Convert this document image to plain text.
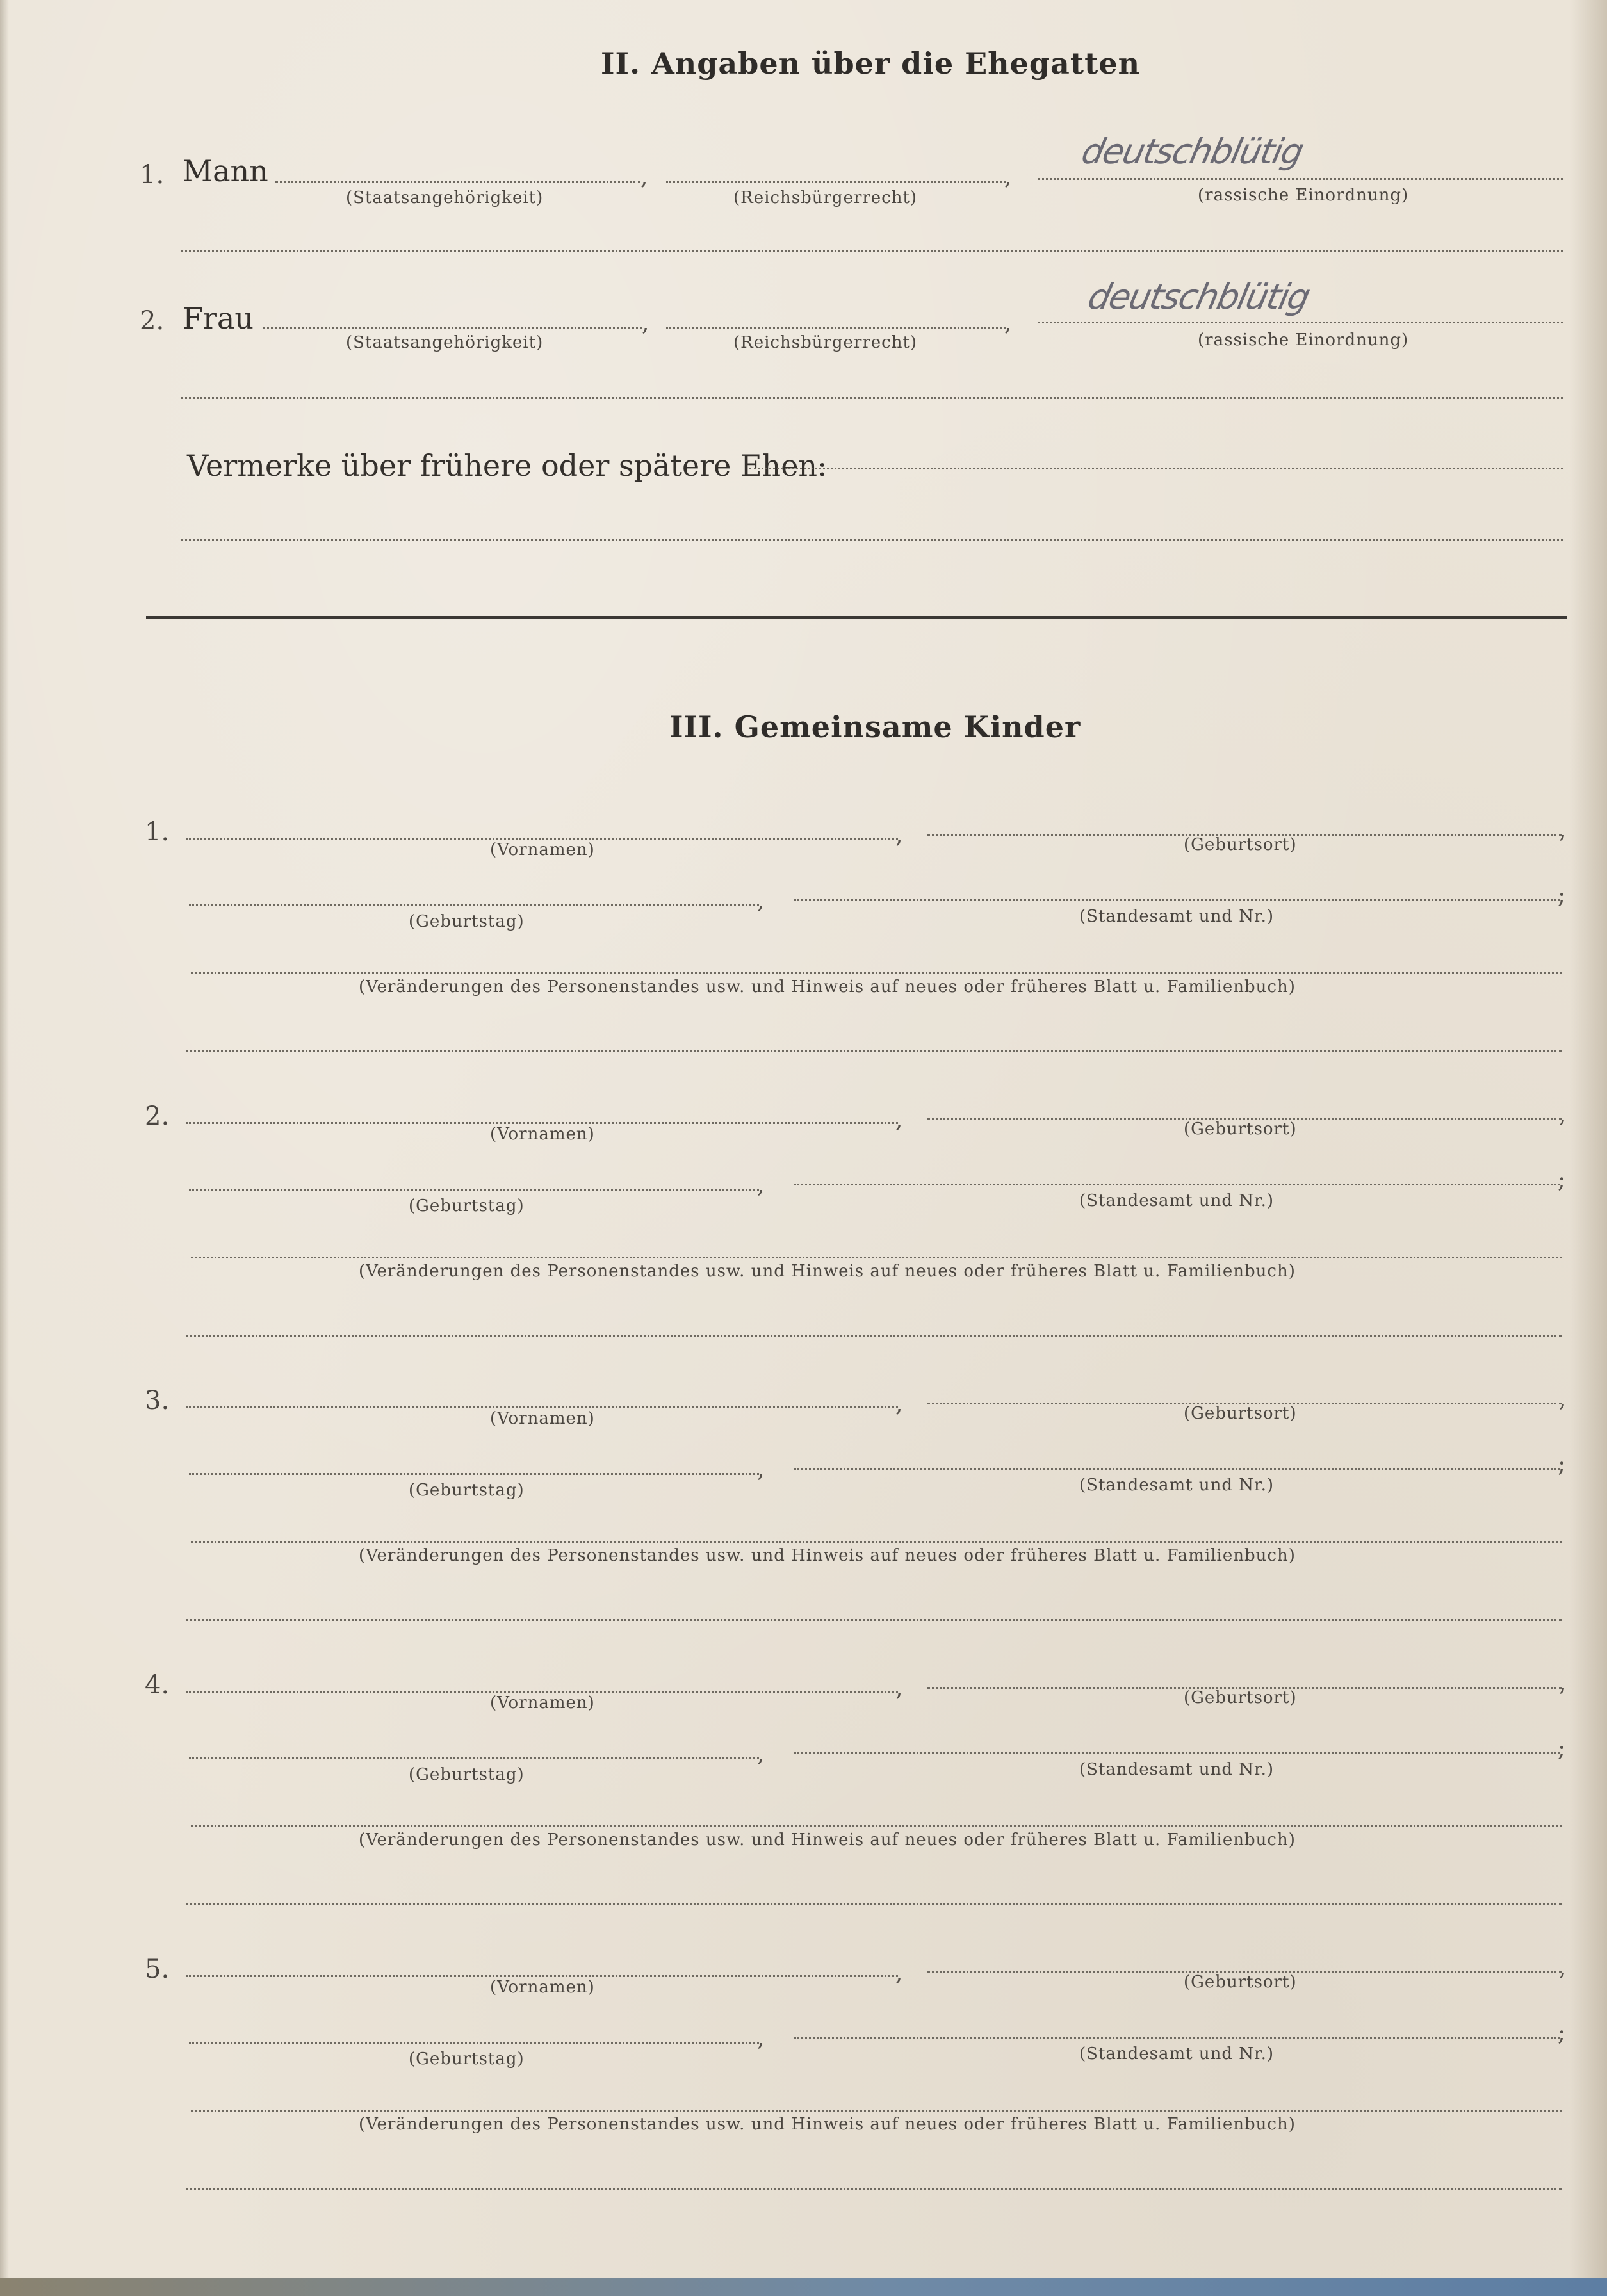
II. Angaben über die Ehegatten
1. Mann	,	,
deutschblütig
(Staatsangehörigkeit)	(Reichsbürgerrecht)	(rassische Einordnung)
2. Frau	,	,
deutschblütig
(Staatsangehörigkeit)	(Reichsbürgerrecht)	(rassische Einordnung)
Vermerke über frühere oder spätere Ehen:
III. Gemeinsame Kinder
1.	,	,
(Vornamen)	(Geburtsort)
,	;
(Geburtstag)	(Standesamt und Nr.)
(Veränderungen des Personenstandes usw. und Hinweis auf neues oder früheres Blatt u. Familienbuch)
2.	,	,
(Vornamen)	(Geburtsort)
,	;
(Geburtstag)	(Standesamt und Nr.)
(Veränderungen des Personenstandes usw. und Hinweis auf neues oder früheres Blatt u. Familienbuch)
3.	,	,
(Vornamen)	(Geburtsort)
,	;
(Geburtstag)	(Standesamt und Nr.)
(Veränderungen des Personenstandes usw. und Hinweis auf neues oder früheres Blatt u. Familienbuch)
4.	,	,
(Vornamen)	(Geburtsort)
,	;
(Geburtstag)	(Standesamt und Nr.)
(Veränderungen des Personenstandes usw. und Hinweis auf neues oder früheres Blatt u. Familienbuch)
5.	,	,
(Vornamen)	(Geburtsort)
,	;
(Geburtstag)	(Standesamt und Nr.)
(Veränderungen des Personenstandes usw. und Hinweis auf neues oder früheres Blatt u. Familienbuch)
